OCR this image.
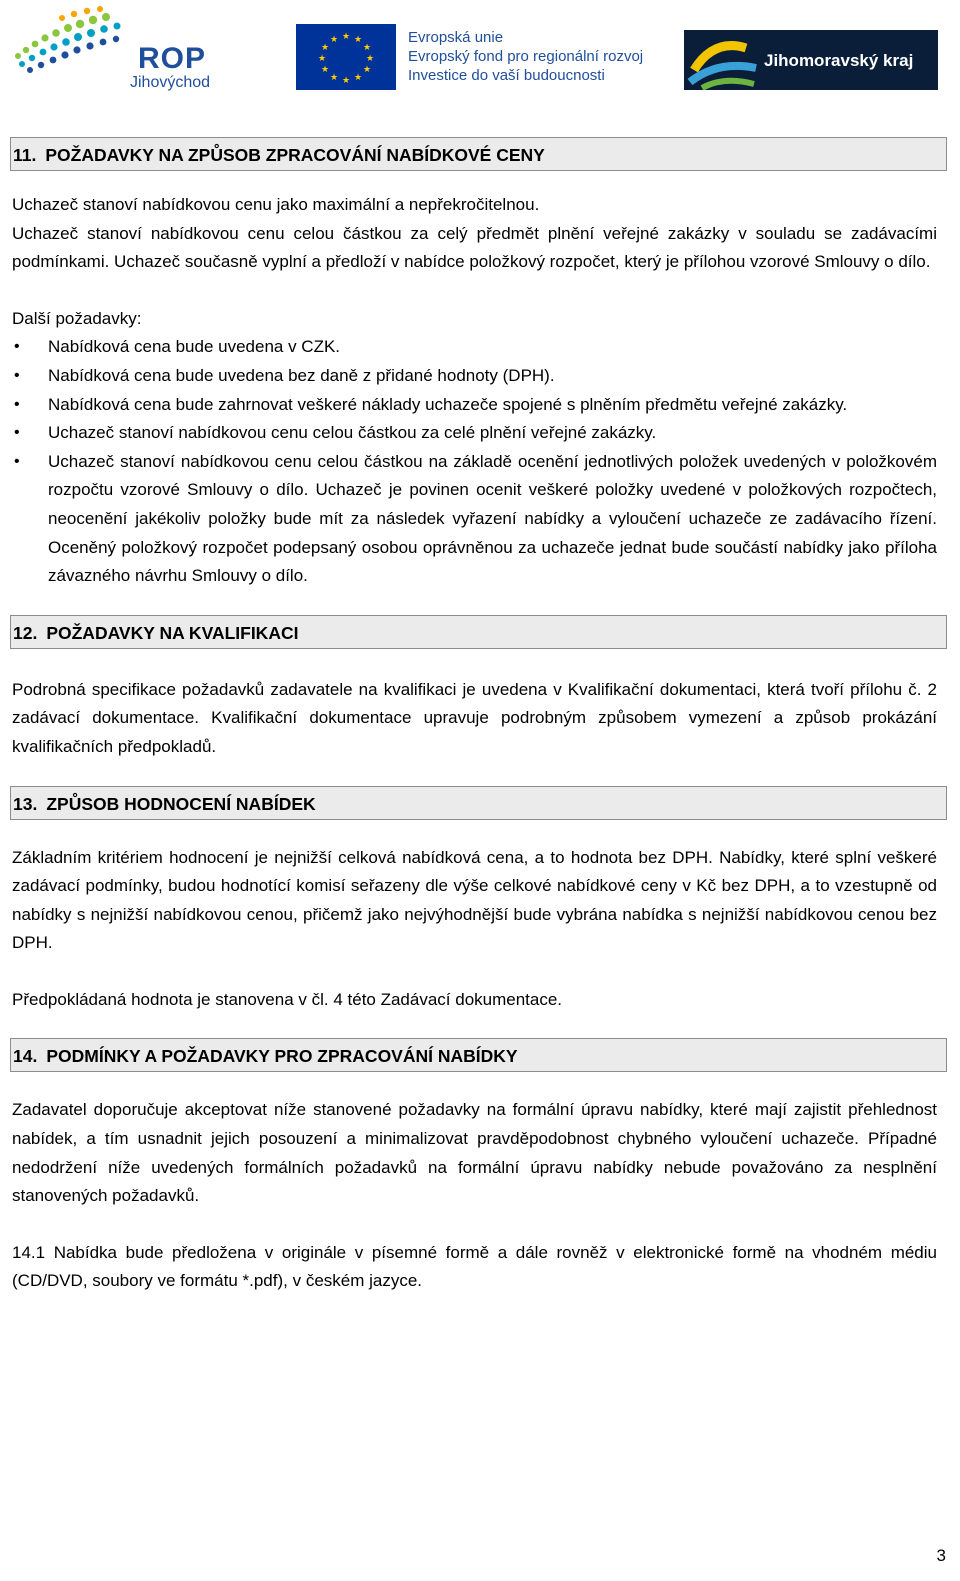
ROP
Jihovýchod
★ ★
★
★
★
★
★
★
★
★
★
★	Evropská unie
Evropský fond pro regionální rozvoj
Investice do vaší budoucnosti
Jihomoravský kraj
11. POŽADAVKY NA ZPŮSOB ZPRACOVÁNÍ NABÍDKOVÉ CENY

Uchazeč stanoví nabídkovou cenu jako maximální a nepřekročitelnou.

Uchazeč stanoví nabídkovou cenu celou částkou za celý předmět plnění veřejné zakázky v souladu se zadávacími podmínkami. Uchazeč současně vyplní a předloží v nabídce položkový rozpočet, který je přílohou vzorové Smlouvy o dílo.

Další požadavky:

• Nabídková cena bude uvedena v CZK.
• Nabídková cena bude uvedena bez daně z přidané hodnoty (DPH).
• Nabídková cena bude zahrnovat veškeré náklady uchazeče spojené s plněním předmětu veřejné zakázky.
• Uchazeč stanoví nabídkovou cenu celou částkou za celé plnění veřejné zakázky.
• Uchazeč stanoví nabídkovou cenu celou částkou na základě ocenění jednotlivých položek uvedených v položkovém rozpočtu vzorové Smlouvy o dílo. Uchazeč je povinen ocenit veškeré položky uvedené v položkových rozpočtech, neocenění jakékoliv položky bude mít za následek vyřazení nabídky a vyloučení uchazeče ze zadávacího řízení. Oceněný položkový rozpočet podepsaný osobou oprávněnou za uchazeče jednat bude součástí nabídky jako příloha závazného návrhu Smlouvy o dílo.
12. POŽADAVKY NA KVALIFIKACI

Podrobná specifikace požadavků zadavatele na kvalifikaci je uvedena v Kvalifikační dokumentaci, která tvoří přílohu č. 2 zadávací dokumentace. Kvalifikační dokumentace upravuje podrobným způsobem vymezení a způsob prokázání kvalifikačních předpokladů.

13. ZPŮSOB HODNOCENÍ NABÍDEK

Základním kritériem hodnocení je nejnižší celková nabídková cena, a to hodnota bez DPH. Nabídky, které splní veškeré zadávací podmínky, budou hodnotící komisí seřazeny dle výše celkové nabídkové ceny v Kč bez DPH, a to vzestupně od nabídky s nejnižší nabídkovou cenou, přičemž jako nejvýhodnější bude vybrána nabídka s nejnižší nabídkovou cenou bez DPH.

Předpokládaná hodnota je stanovena v čl. 4 této Zadávací dokumentace.

14. PODMÍNKY A POŽADAVKY PRO ZPRACOVÁNÍ NABÍDKY

Zadavatel doporučuje akceptovat níže stanovené požadavky na formální úpravu nabídky, které mají zajistit přehlednost nabídek, a tím usnadnit jejich posouzení a minimalizovat pravděpodobnost chybného vyloučení uchazeče. Případné nedodržení níže uvedených formálních požadavků na formální úpravu nabídky nebude považováno za nesplnění stanovených požadavků.

14.1 Nabídka bude předložena v originále v písemné formě a dále rovněž v elektronické formě na vhodném médiu (CD/DVD, soubory ve formátu *.pdf), v českém jazyce.

3
